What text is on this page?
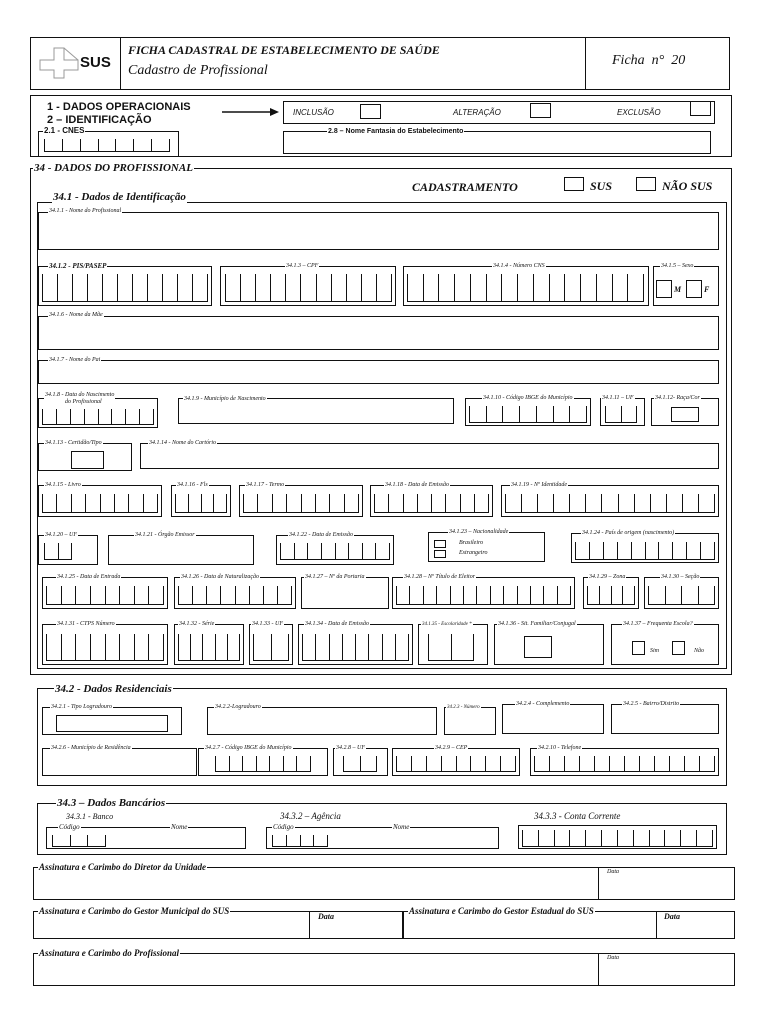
SUS
FICHA CADASTRAL DE ESTABELECIMENTO DE SAÚDE
Cadastro de Profissional
Ficha  n°  20
1 - DADOS OPERACIONAIS
2 – IDENTIFICAÇÃO
INCLUSÃO	ALTERAÇÃO	EXCLUSÃO
2.1 - CNES	2.8 – Nome Fantasia do Estabelecimento
34 - DADOS DO PROFISSIONAL
CADASTRAMENTO	SUS	NÃO SUS
34.1 - Dados de Identificação
34.1.1 - Nome do Profissional
34.1.2 - PIS/PASEP	34.1.3 – CPF	34.1.4 - Número CNS	34.1.5 – Sexo
M	F
34.1.6 - Nome da Mãe
34.1.7 - Nome do Pai
34.1.8 - Data do Nascimento
do Profissional	34.1.9 - Município de Nascimento	34.1.10 - Código IBGE do Município	34.1.11 – UF	34.1.12- Raça/Cor
34.1.13 - Certidão/Tipo	34.1.14 - Nome do Cartório
34.1.15 - Livro	34.1.16 - Fls	34.1.17 - Termo	34.1.18 - Data de Emissão	34.1.19 - Nº Identidade
34.1.20 – UF	34.1.21 - Órgão Emissor	34.1.22 - Data de Emissão	34.1.23 – Nacionalidade
Brasileiro
Estrangeiro
34.1.24 - País de origem (nascimento)
34.1.25 - Data de Entrada	34.1.26 - Data de Naturalização	34.1.27 – Nº da Portaria	34.1.28 – Nº Título de Eleitor	34.1.29 – Zona	34.1.30 – Seção
34.1.31 - CTPS Número	34.1.32 - Série	34.1.33 - UF	34.1.34 - Data de Emissão	34.1.35 - Escolaridade *	34.1.36 - Sit. Familiar/Conjugal	34.1.37 – Frequenta Escola?
Sim	Não
34.2 - Dados Residenciais
34.2.1 - Tipo Logradouro	34.2.2-Logradouro	34.2.3 - Número
34.2.4 - Complemento	34.2.5 - Bairro/Distrito
34.2.6 - Município de Residência	34.2.7 - Código IBGE do Município	34.2.8 – UF	34.2.9 – CEP	34.2.10 - Telefone
34.3 – Dados Bancários
34.3.1 - Banco
Código	Nome
34.3.2 – Agência
Código	Nome
34.3.3 - Conta Corrente
Assinatura e Carimbo do Diretor da Unidade	Data
Assinatura e Carimbo do Gestor Municipal do SUS
Data
Assinatura e Carimbo do Gestor Estadual do SUS
Data
Assinatura e Carimbo do Profissional	Data
